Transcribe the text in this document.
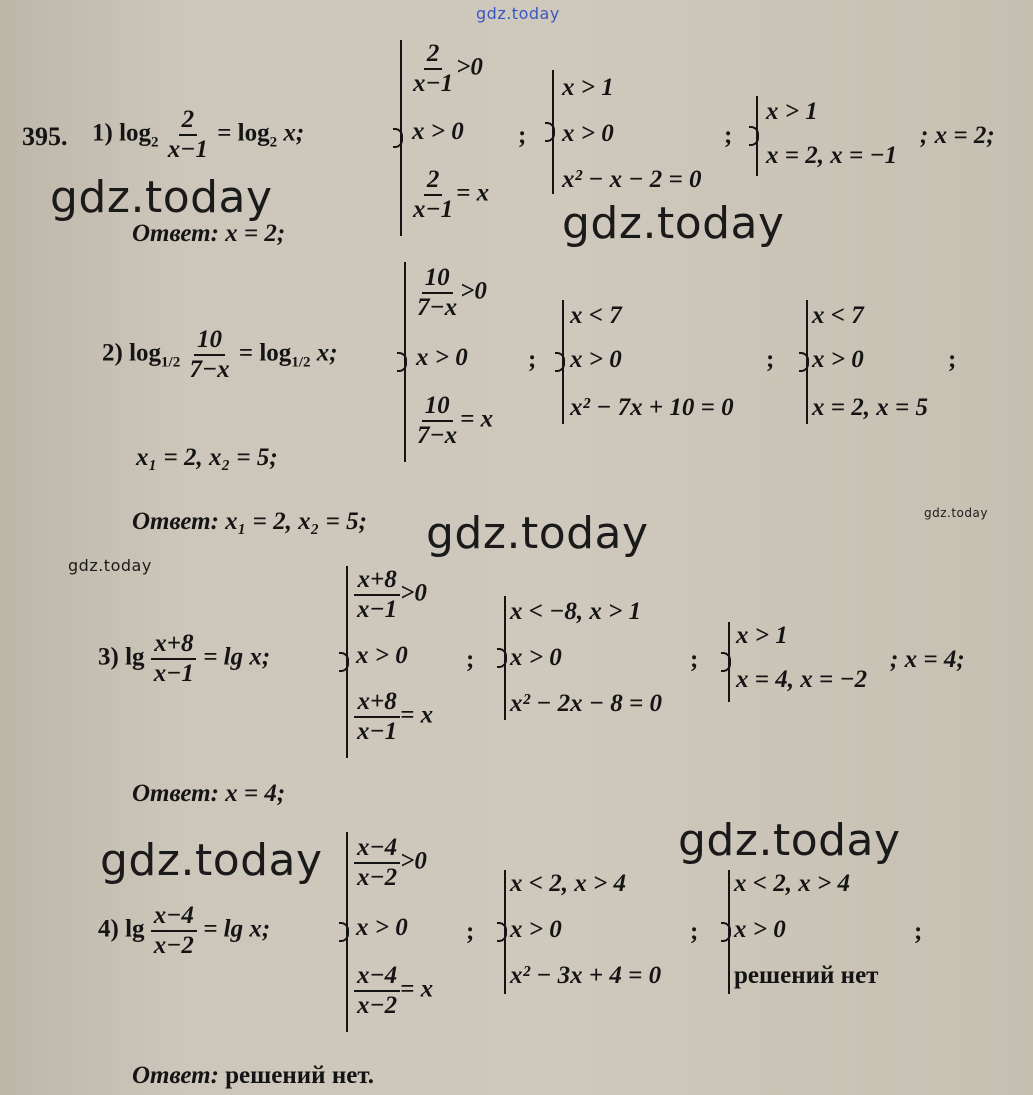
gdz.today
gdz.today
gdz.today
gdz.today	gdz.today
gdz.today
gdz.today
gdz.today
395. 1) $\log_2 \frac{2}{x-1} = \log_2 x$;
$\frac{2}{x-1} >0$
x > 0
$\frac{2}{x-1} = x$
;
x > 1
x > 0
x² − x − 2 = 0
;
x > 1
x = 2, x = −1
; x = 2;
Ответ: x = 2;
2) $\log_{1/2} \frac{10}{7-x} = \log_{1/2} x$;
$\frac{10}{7-x} >0$
x > 0
$\frac{10}{7-x} = x$
;
x < 7
x > 0
x² − 7x + 10 = 0
;
x < 7
x > 0
x = 2, x = 5
;
x₁ = 2, x₂ = 5;
Ответ: x₁ = 2, x₂ = 5;
3) $\lg \frac{x+8}{x-1} = \lg x$;
$\frac{x+8}{x-1} >0$
x > 0
$\frac{x+8}{x-1} = x$
;
x < −8, x > 1
x > 0
x² − 2x − 8 = 0
;
x > 1
x = 4, x = −2
; x = 4;
Ответ: x = 4;
4) $\lg \frac{x-4}{x-2} = \lg x$;
$\frac{x-4}{x-2} >0$
x > 0
$\frac{x-4}{x-2} = x$
;
x < 2, x > 4
x > 0
x² − 3x + 4 = 0
;
x < 2, x > 4
x > 0
решений нет
;
Ответ: решений нет.
